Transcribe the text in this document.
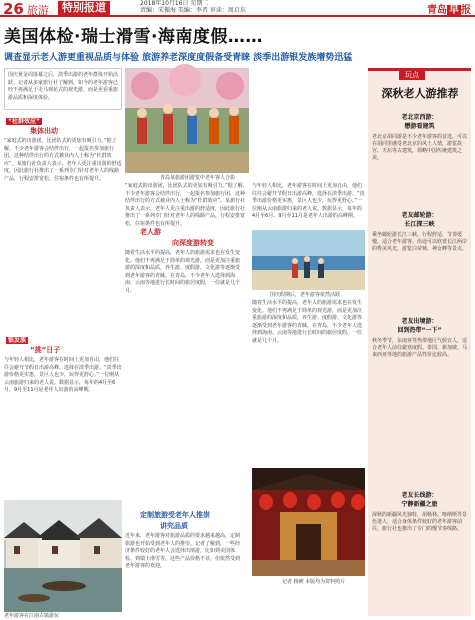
26 旅游	特别报道	2018年10月16日 星期二
责编：宋振海 美编：李晋 审读：周启东	青岛 早 报
美国体检·瑞士滑雪·海南度假……
调查显示老人游更重视品质与体验 旅游养老深度度假备受青睐 淡季出游银发族增势迅猛
国庆黄金周落幕之后，淡季出游的老年群体开始活跃。记者从多家旅行社了解到，如今的老年游客已经不再满足于走马观花式的观光游，而是更看重旅游品质和深度体验。
“杜群效应”
集体出动
“家庭式的出游团，比团队式的更加有吸引力。”据了解，不少老年游客会结伴出行，一起报名参加旅行团，这种结伴出行的方式被业内人士称为“杜群效应”。某旅行社负责人表示，老年人更注重出游的舒适度，因此旅行社推出了一系列专门针对老年人的线路产品，行程安排宽松，住宿条件也有所提升。
银发族
“挑”日子
与年轻人相比，老年游客在时间上更加自由，他们往往会避开节假日出游高峰，选择在淡季出游。“淡季出游价格更实惠，景区人也少，玩得更舒心。”一位刚从云南旅游归来的老人说。数据显示，每年的4月至6月、9月至11月是老年人出游的高峰期。
老年游客在江南古镇游玩
青岛某旅游团游览中老年客人合影
“家庭式的出游团，比团队式的更加有吸引力。”据了解，不少老年游客会结伴出行，一起报名参加旅行团，这种结伴出行的方式被业内人士称为“杜群效应”。某旅行社负责人表示，老年人更注重出游的舒适度，因此旅行社推出了一系列专门针对老年人的线路产品，行程安排宽松，住宿条件也有所提升。
老人游
向深度游转变
随着生活水平的提高，老年人的旅游需求也在发生变化。他们不再满足于简单的观光游，而是更加注重旅游的深度和品质，养生游、度假游、文化游等逐渐受到老年游客的青睐。在青岛，不少老年人选择到海南、云南等地进行长时间的旅居度假，一住就是几个月。
定制旅游受老年人推崇
讲究品质
近年来，老年游客对旅游品质的要求越来越高，定制旅游也开始受到老年人的推崇。记者了解到，一些经济条件较好的老年人会选择出境游，比如到美国体检、到瑞士滑雪等，这些产品价格不菲，但依然受到老年游客的欢迎。
与年轻人相比，老年游客在时间上更加自由，他们往往会避开节假日出游高峰，选择在淡季出游。“淡季出游价格更实惠，景区人也少，玩得更舒心。”一位刚从云南旅游归来的老人说。数据显示，每年的4月至6月、9月至11月是老年人出游的高峰期。
国庆假期后，老年游客依然活跃
随着生活水平的提高，老年人的旅游需求也在发生变化。他们不再满足于简单的观光游，而是更加注重旅游的深度和品质，养生游、度假游、文化游等逐渐受到老年游客的青睐。在青岛，不少老年人选择到海南、云南等地进行长时间的旅居度假，一住就是几个月。
记者 杨硬 本版均为资料照片
玩点
深秋老人游推荐
老北京西游：
懋游看建筑
老北京胡同游是不少老年游客的首选，可以在胡同里感受老北京的风土人情，游览故宫、天坛等古建筑，领略中国传统建筑之美。
老友邮轮游：
长江探三峡
乘坐邮轮游长江三峡，行程舒适，节奏缓慢，适合老年游客。沿途可以欣赏长江两岸的秀美风光，游览白帝城、神女峰等景点。
老友出境游：
回到热带“一下”
秋冬季节，东南亚等热带地区气候宜人，适合老年人前往避寒度假。泰国、新加坡、马来西亚等地的旅游产品性价比较高。
老友长线游：
宁静新疆之旅
深秋的新疆风光独特，胡杨林、喀纳斯等景色迷人，适合身体条件较好的老年游客前往，旅行社也推出了专门的慢节奏线路。
